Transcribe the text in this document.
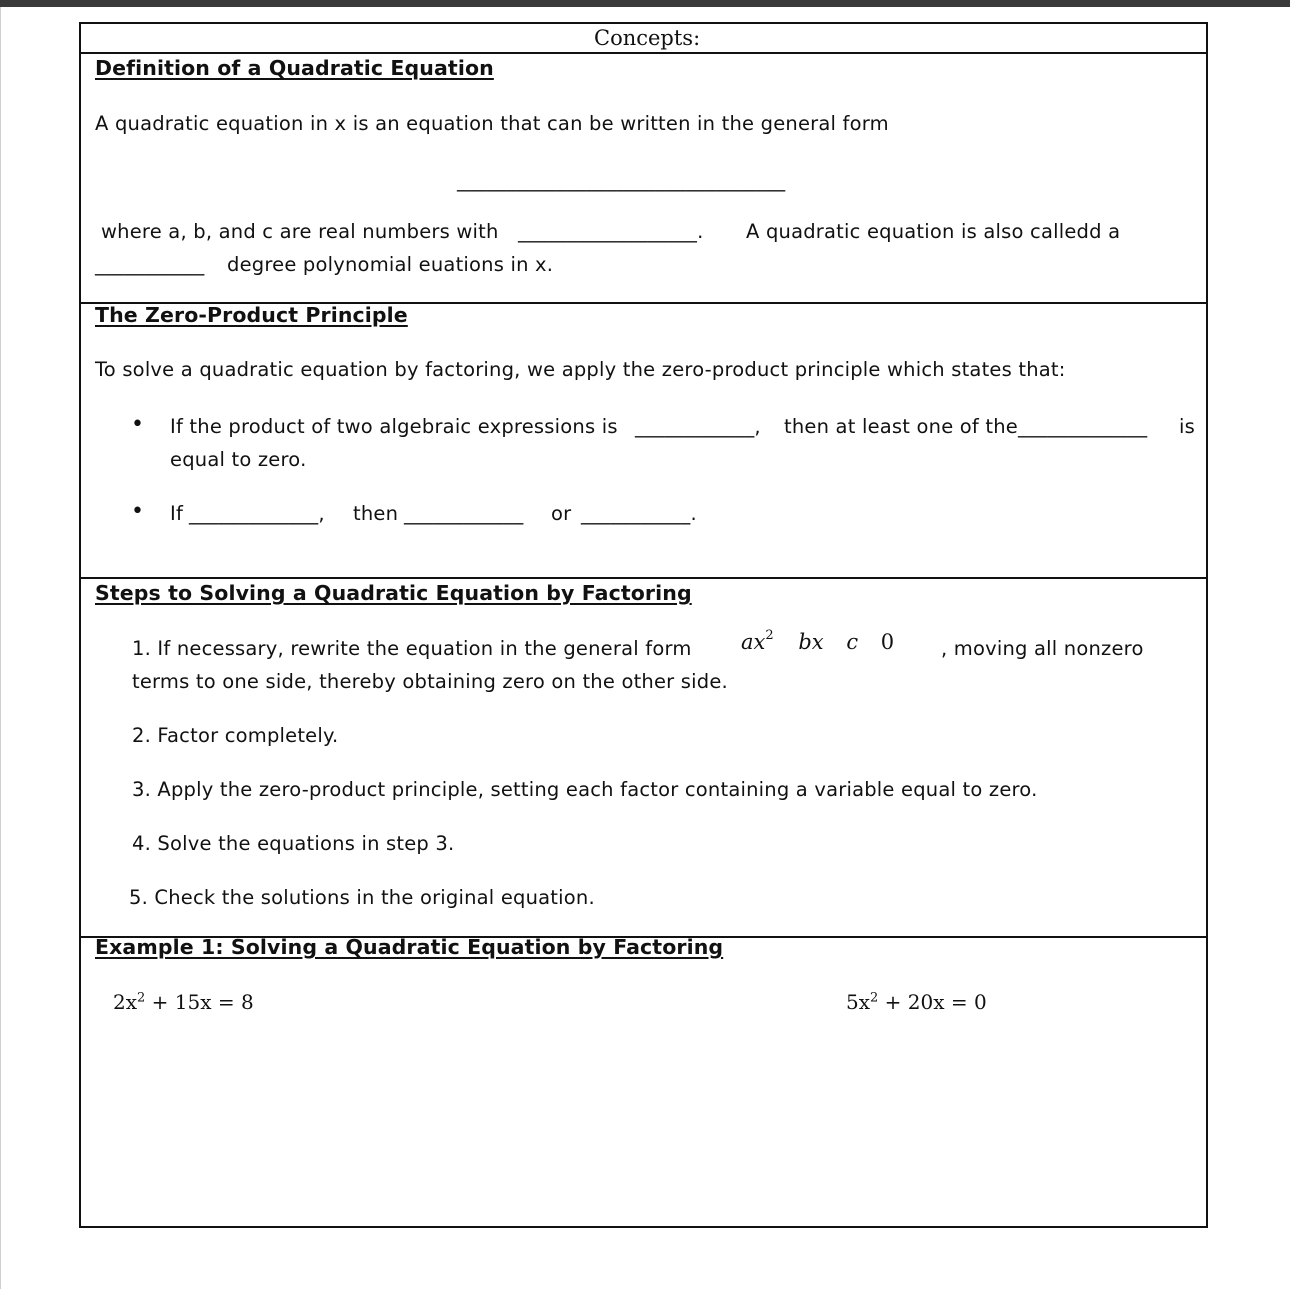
Concepts:
Definition of a Quadratic Equation
A quadratic equation in x is an equation that can be written in the general form
_________________________________
where a, b, and c are real numbers with __________________. A quadratic equation is also calledd a
___________ degree polynomial euations in x.
The Zero-Product Principle
To solve a quadratic equation by factoring, we apply the zero-product principle which states that:
• If the product of two algebraic expressions is ____________, then at least one of the_____________ is
equal to zero.
• If _____________, then ____________ or ___________.
Steps to Solving a Quadratic Equation by Factoring
1. If necessary, rewrite the equation in the general form $ax^2$ bx c 0 , moving all nonzero
terms to one side, thereby obtaining zero on the other side.
2. Factor completely.
3. Apply the zero-product principle, setting each factor containing a variable equal to zero.
4. Solve the equations in step 3.
5. Check the solutions in the original equation.
Example 1: Solving a Quadratic Equation by Factoring
$2x^2 + 15x = 8$	$5x^2 + 20x = 0$
